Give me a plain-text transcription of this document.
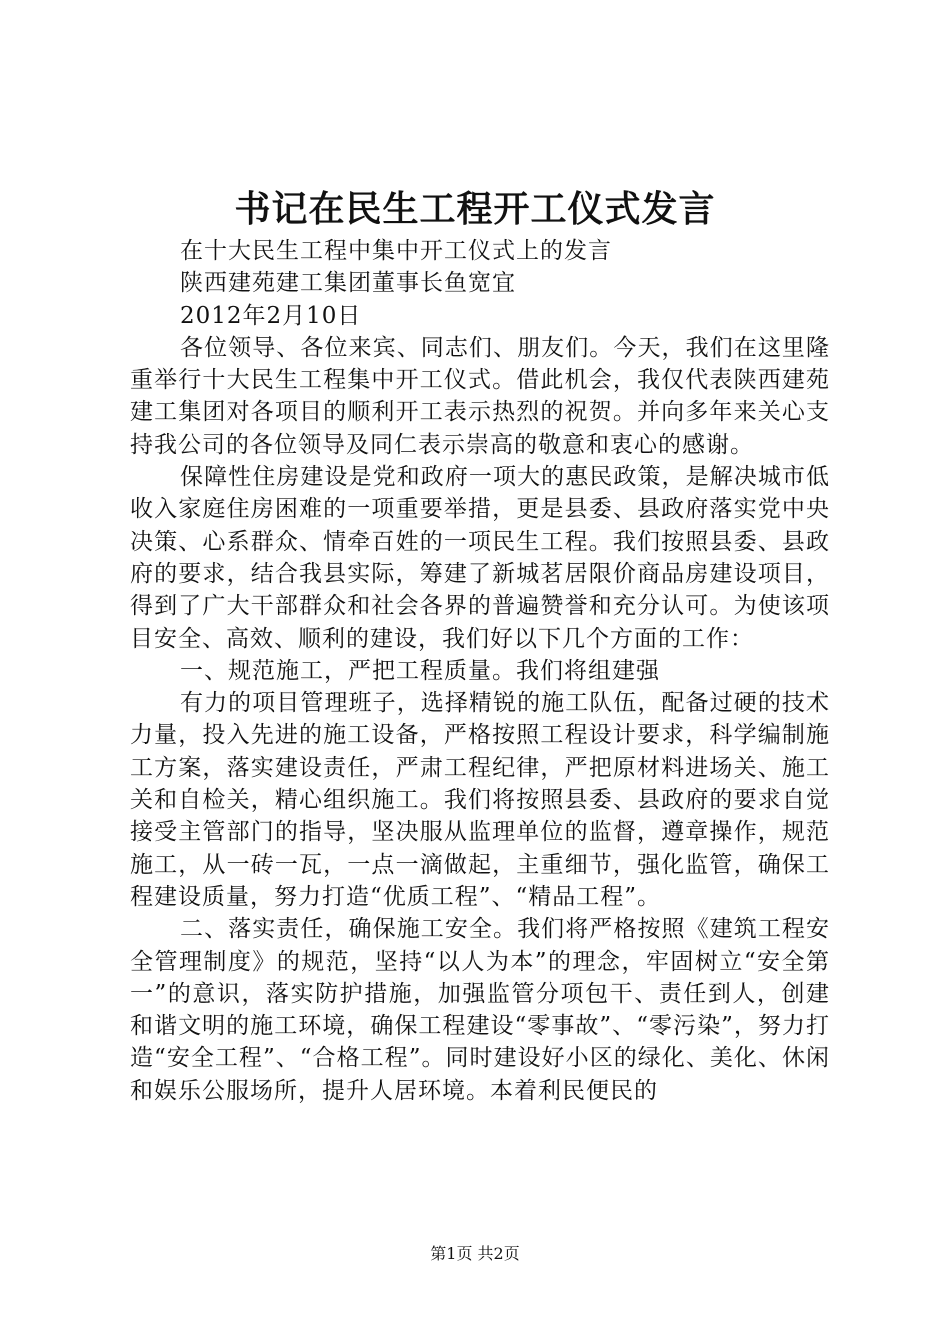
书记在民生工程开工仪式发言

在十大民生工程中集中开工仪式上的发言

陕西建苑建工集团董事长鱼宽宜

2012年2月10日

各位领导、各位来宾、同志们、朋友们。今天，我们在这里隆重举行十大民生工程集中开工仪式。借此机会，我仅代表陕西建苑建工集团对各项目的顺利开工表示热烈的祝贺。并向多年来关心支持我公司的各位领导及同仁表示崇高的敬意和衷心的感谢。

保障性住房建设是党和政府一项大的惠民政策，是解决城市低收入家庭住房困难的一项重要举措，更是县委、县政府落实党中央决策、心系群众、情牵百姓的一项民生工程。我们按照县委、县政府的要求，结合我县实际，筹建了新城茗居限价商品房建设项目，得到了广大干部群众和社会各界的普遍赞誉和充分认可。为使该项目安全、高效、顺利的建设，我们好以下几个方面的工作：

一、规范施工，严把工程质量。我们将组建强

有力的项目管理班子，选择精锐的施工队伍，配备过硬的技术力量，投入先进的施工设备，严格按照工程设计要求，科学编制施工方案，落实建设责任，严肃工程纪律，严把原材料进场关、施工关和自检关，精心组织施工。我们将按照县委、县政府的要求自觉接受主管部门的指导，坚决服从监理单位的监督，遵章操作，规范施工，从一砖一瓦，一点一滴做起，主重细节，强化监管，确保工程建设质量，努力打造“优质工程”、“精品工程”。

二、落实责任，确保施工安全。我们将严格按照《建筑工程安全管理制度》的规范，坚持“以人为本”的理念，牢固树立“安全第一”的意识，落实防护措施，加强监管分项包干、责任到人，创建和谐文明的施工环境，确保工程建设“零事故”、“零污染”，努力打造“安全工程”、“合格工程”。同时建设好小区的绿化、美化、休闲和娱乐公服场所，提升人居环境。本着利民便民的

第1页 共2页
